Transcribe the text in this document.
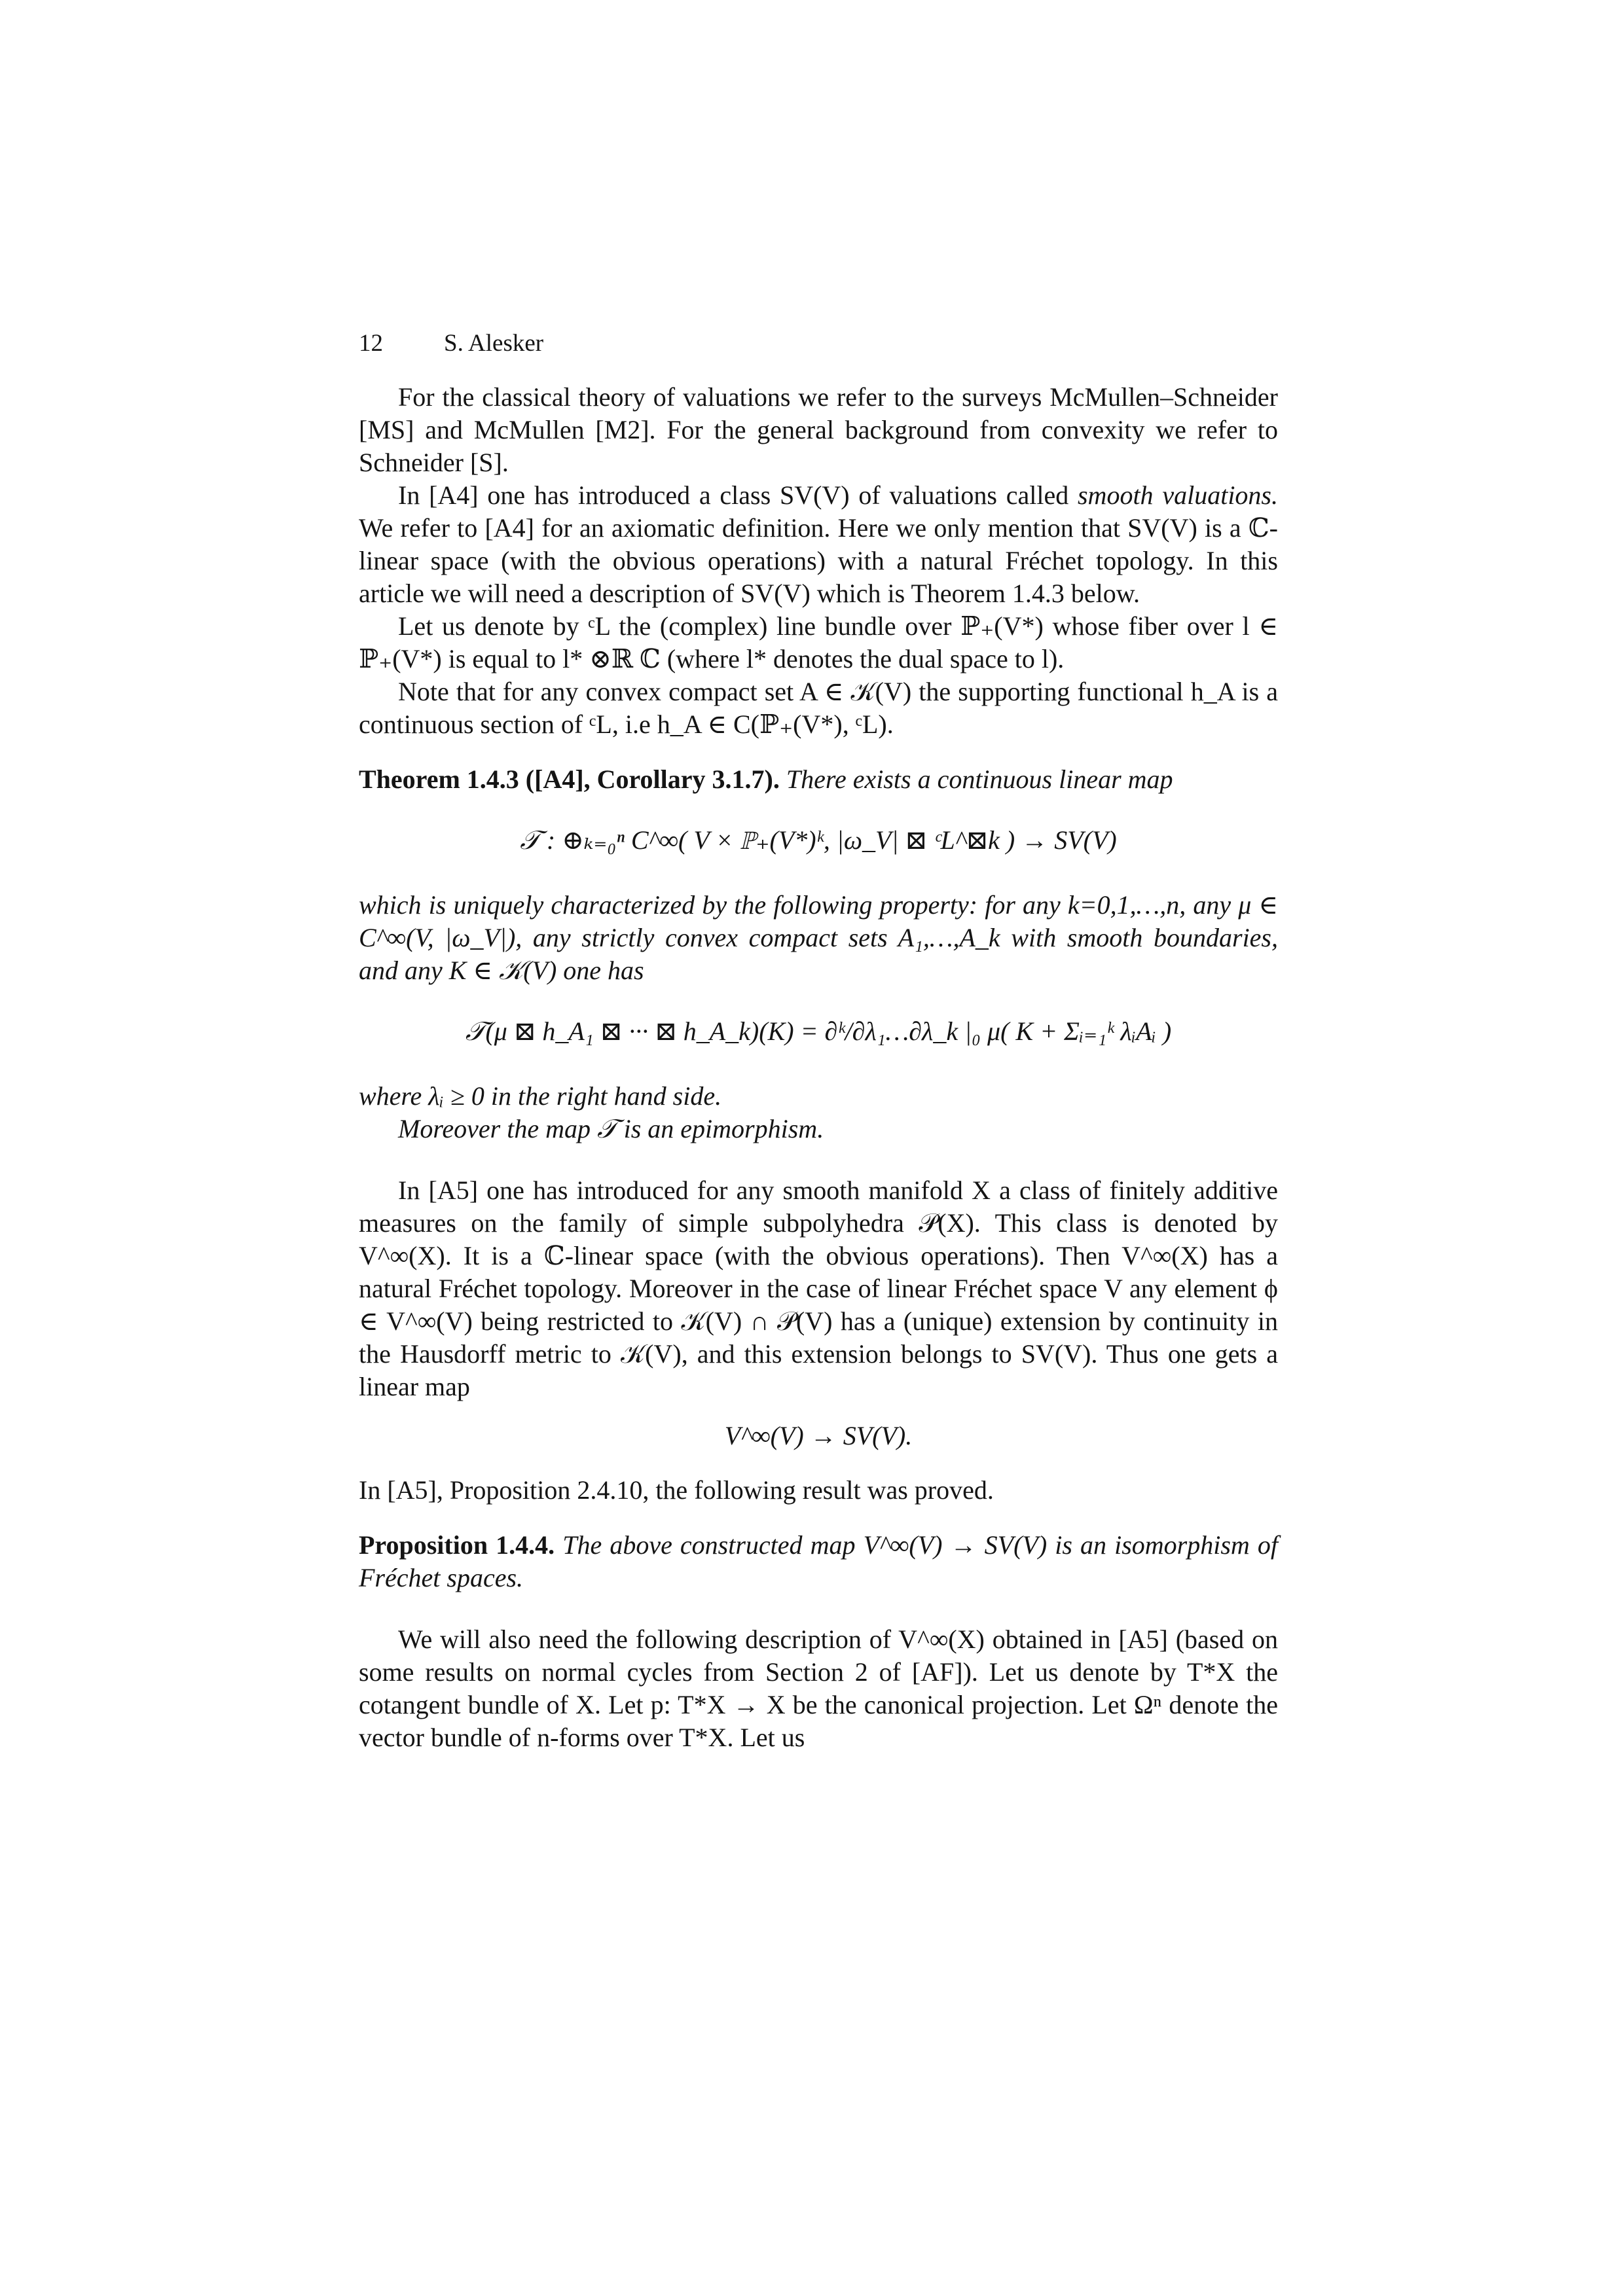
12	S. Alesker

For the classical theory of valuations we refer to the surveys McMullen–Schneider [MS] and McMullen [M2]. For the general background from convexity we refer to Schneider [S].

In [A4] one has introduced a class SV(V) of valuations called smooth valuations. We refer to [A4] for an axiomatic definition. Here we only mention that SV(V) is a ℂ-linear space (with the obvious operations) with a natural Fréchet topology. In this article we will need a description of SV(V) which is Theorem 1.4.3 below.

Let us denote by ᶜL the (complex) line bundle over ℙ₊(V*) whose fiber over l ∈ ℙ₊(V*) is equal to l* ⊗ℝ ℂ (where l* denotes the dual space to l).

Note that for any convex compact set A ∈ 𝒦(V) the supporting functional h_A is a continuous section of ᶜL, i.e h_A ∈ C(ℙ₊(V*), ᶜL).

Theorem 1.4.3 ([A4], Corollary 3.1.7). There exists a continuous linear map

𝒯 : ⊕ₖ₌₀ⁿ C^∞( V × ℙ₊(V*)ᵏ, |ω_V| ⊠ ᶜL^⊠k ) → SV(V)

which is uniquely characterized by the following property: for any k=0,1,…,n, any μ ∈ C^∞(V, |ω_V|), any strictly convex compact sets A₁,…,A_k with smooth boundaries, and any K ∈ 𝒦(V) one has

𝒯(μ ⊠ h_A₁ ⊠ ··· ⊠ h_A_k)(K) = ∂ᵏ/∂λ₁…∂λ_k |₀ μ( K + Σᵢ₌₁ᵏ λᵢAᵢ )

where λᵢ ≥ 0 in the right hand side.

Moreover the map 𝒯 is an epimorphism.

In [A5] one has introduced for any smooth manifold X a class of finitely additive measures on the family of simple subpolyhedra 𝒫(X). This class is denoted by V^∞(X). It is a ℂ-linear space (with the obvious operations). Then V^∞(X) has a natural Fréchet topology. Moreover in the case of linear Fréchet space V any element ϕ ∈ V^∞(V) being restricted to 𝒦(V) ∩ 𝒫(V) has a (unique) extension by continuity in the Hausdorff metric to 𝒦(V), and this extension belongs to SV(V). Thus one gets a linear map

V^∞(V) → SV(V).

In [A5], Proposition 2.4.10, the following result was proved.

Proposition 1.4.4. The above constructed map V^∞(V) → SV(V) is an isomorphism of Fréchet spaces.

We will also need the following description of V^∞(X) obtained in [A5] (based on some results on normal cycles from Section 2 of [AF]). Let us denote by T*X the cotangent bundle of X. Let p: T*X → X be the canonical projection. Let Ωⁿ denote the vector bundle of n-forms over T*X. Let us
